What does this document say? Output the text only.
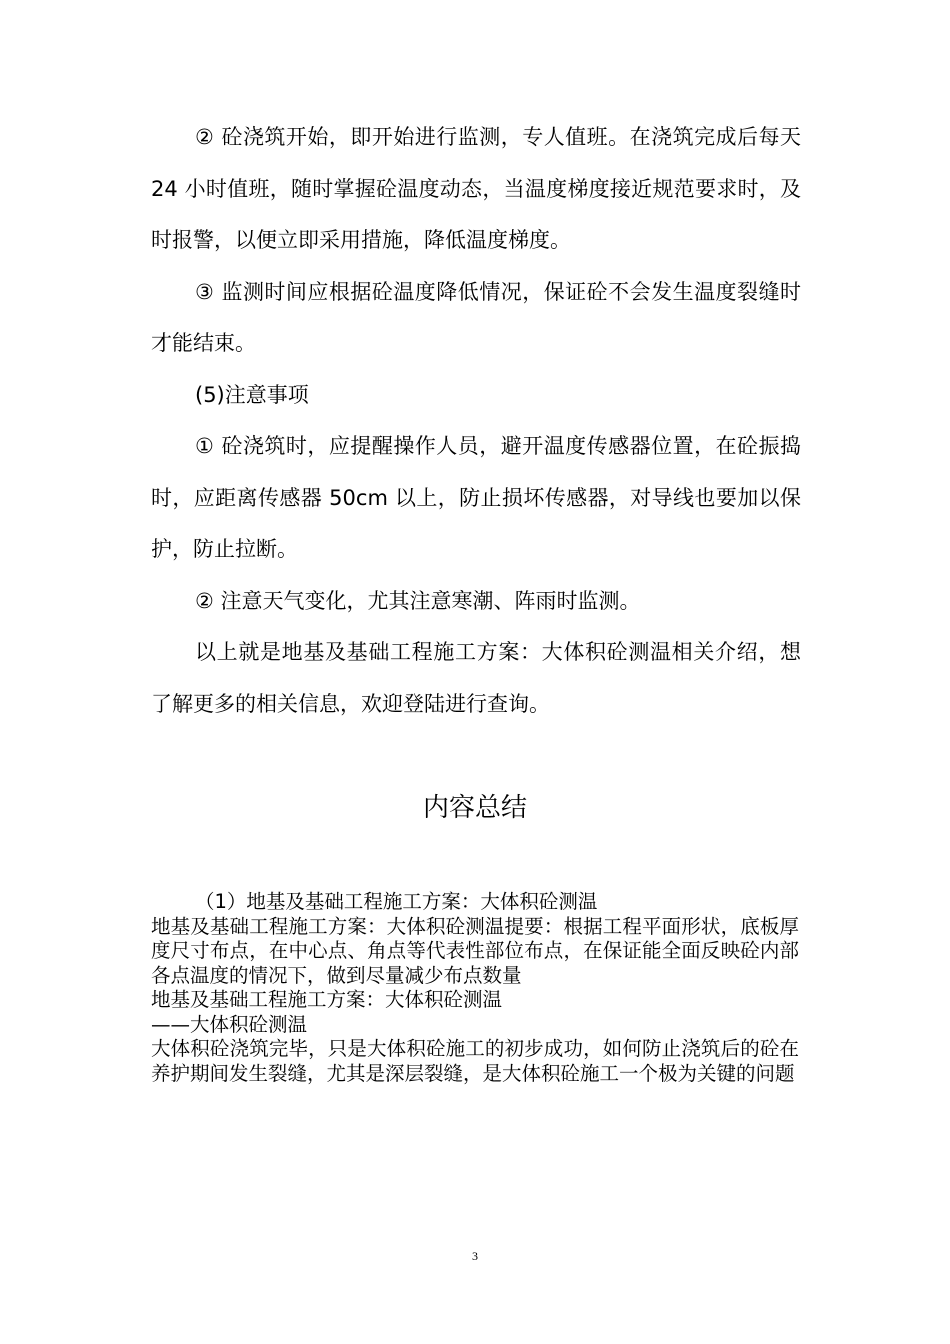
② 砼浇筑开始，即开始进行监测，专人值班。在浇筑完成后每天 24 小时值班，随时掌握砼温度动态，当温度梯度接近规范要求时，及时报警，以便立即采用措施，降低温度梯度。

③ 监测时间应根据砼温度降低情况，保证砼不会发生温度裂缝时才能结束。

(5)注意事项

① 砼浇筑时，应提醒操作人员，避开温度传感器位置，在砼振捣时，应距离传感器 50cm 以上，防止损坏传感器，对导线也要加以保护，防止拉断。

② 注意天气变化，尤其注意寒潮、阵雨时监测。

以上就是地基及基础工程施工方案：大体积砼测温相关介绍，想了解更多的相关信息，欢迎登陆进行查询。

内容总结

（1）地基及基础工程施工方案：大体积砼测温

地基及基础工程施工方案：大体积砼测温提要：根据工程平面形状，底板厚度尺寸布点，在中心点、角点等代表性部位布点，在保证能全面反映砼内部各点温度的情况下，做到尽量减少布点数量

地基及基础工程施工方案：大体积砼测温

——大体积砼测温

大体积砼浇筑完毕，只是大体积砼施工的初步成功，如何防止浇筑后的砼在养护期间发生裂缝，尤其是深层裂缝，是大体积砼施工一个极为关键的问题

3
